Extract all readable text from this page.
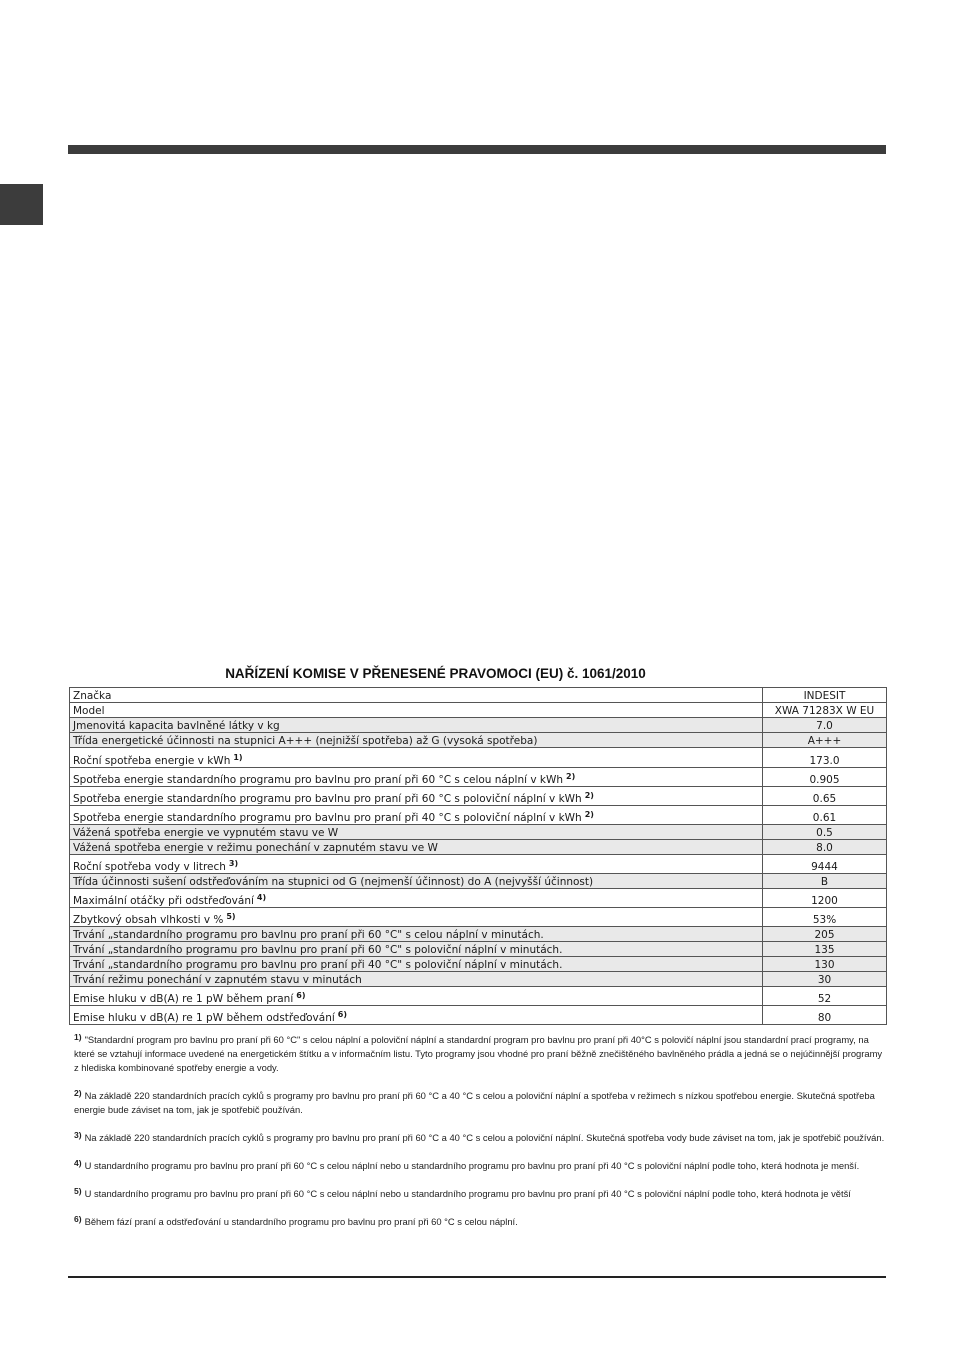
NAŘÍZENÍ KOMISE V PŘENESENÉ PRAVOMOCI (EU) č. 1061/2010
Značka	INDESIT
Model	XWA 71283X W EU
Jmenovitá kapacita bavlněné látky v kg	7.0
Třída energetické účinnosti na stupnici A+++ (nejnižší spotřeba) až G (vysoká spotřeba)	A+++
Roční spotřeba energie v kWh $^{1)}$	173.0
Spotřeba energie standardního programu pro bavlnu pro praní při 60 °C s celou náplní v kWh $^{2)}$	0.905
Spotřeba energie standardního programu pro bavlnu pro praní při 60 °C s poloviční náplní v kWh $^{2)}$	0.65
Spotřeba energie standardního programu pro bavlnu pro praní při 40 °C s poloviční náplní v kWh $^{2)}$	0.61
Vážená spotřeba energie ve vypnutém stavu ve W	0.5
Vážená spotřeba energie v režimu ponechání v zapnutém stavu ve W	8.0
Roční spotřeba vody v litrech $^{3)}$	9444
Třída účinnosti sušení odstřeďováním na stupnici od G (nejmenší účinnost) do A (nejvyšší účinnost)	B
Maximální otáčky při odstřeďování $^{4)}$	1200
Zbytkový obsah vlhkosti v % $^{5)}$	53%
Trvání „standardního programu pro bavlnu pro praní při 60 °C" s celou náplní v minutách.	205
Trvání „standardního programu pro bavlnu pro praní při 60 °C" s poloviční náplní v minutách.	135
Trvání „standardního programu pro bavlnu pro praní při 40 °C" s poloviční náplní v minutách.	130
Trvání režimu ponechání v zapnutém stavu v minutách	30
Emise hluku v dB(A) re 1 pW během praní $^{6)}$	52
Emise hluku v dB(A) re 1 pW během odstřeďování $^{6)}$	80
$^{1)}$ "Standardní program pro bavlnu pro praní při 60 °C" s celou náplní a poloviční náplní a standardní program pro bavlnu pro praní při 40°C s polovičí náplní jsou standardní prací programy, na které se vztahují informace uvedené na energetickém štítku a v informačním listu. Tyto programy jsou vhodné pro praní běžně znečištěného bavlněného prádla a jedná se o nejúčinnější programy z hlediska kombinované spotřeby energie a vody.
$^{2)}$ Na základě 220 standardních pracích cyklů s programy pro bavlnu pro praní při 60 °C a 40 °C s celou a poloviční náplní a spotřeba v režimech s nízkou spotřebou energie. Skutečná spotřeba energie bude záviset na tom, jak je spotřebič používán.
$^{3)}$ Na základě 220 standardních pracích cyklů s programy pro bavlnu pro praní při 60 °C a 40 °C s celou a poloviční náplní. Skutečná spotřeba vody bude záviset na tom, jak je spotřebič používán.
$^{4)}$ U standardního programu pro bavlnu pro praní při 60 °C s celou náplní nebo u standardního programu pro bavlnu pro praní při 40 °C s poloviční náplní podle toho, která hodnota je menší.
$^{5)}$ U standardního programu pro bavlnu pro praní při 60 °C s celou náplní nebo u standardního programu pro bavlnu pro praní při 40 °C s poloviční náplní podle toho, která hodnota je větší
$^{6)}$ Během fází praní a odstřeďování u standardního programu pro bavlnu pro praní při 60 °C s celou náplní.
